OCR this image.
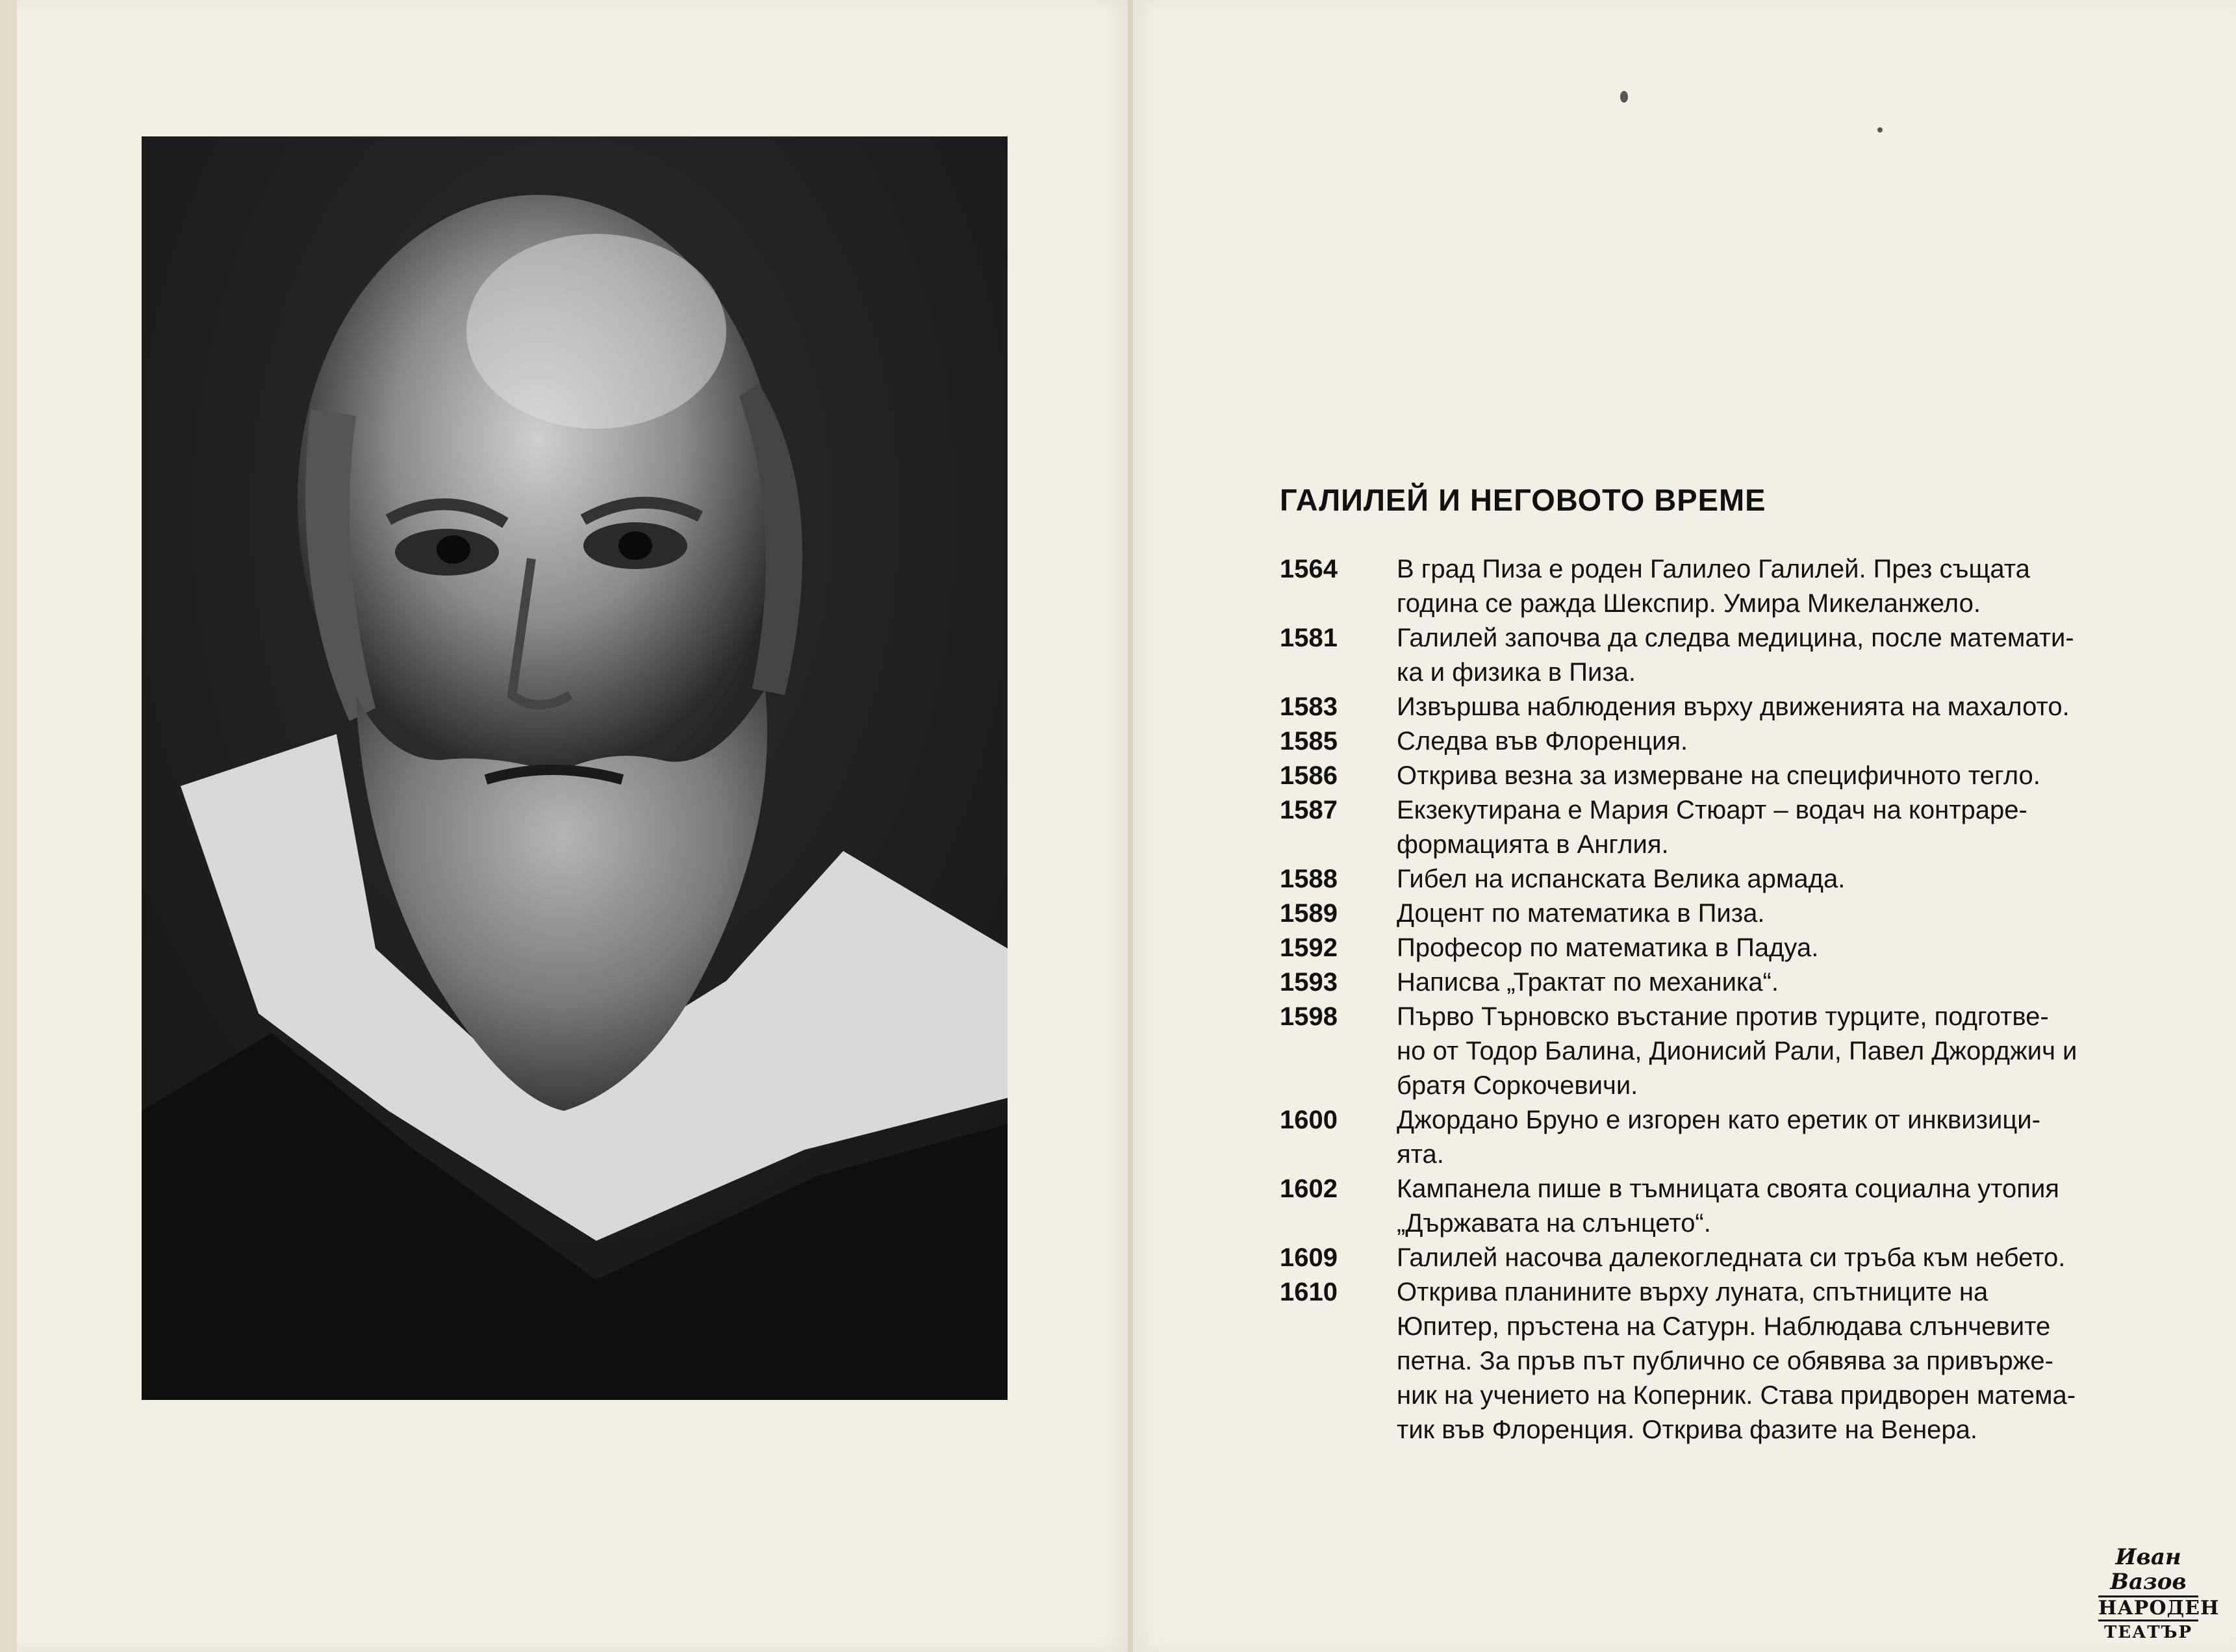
ГАЛИЛЕЙ И НЕГОВОТО ВРЕМЕ
1564	В град Пиза е роден Галилео Галилей. През същата
година се ражда Шекспир. Умира Микеланжело.
1581	Галилей започва да следва медицина, после математи-
ка и физика в Пиза.
1583	Извършва наблюдения върху движенията на махалото.
1585	Следва във Флоренция.
1586	Открива везна за измерване на специфичното тегло.
1587	Екзекутирана е Мария Стюарт – водач на контраре-
формацията в Англия.
1588	Гибел на испанската Велика армада.
1589	Доцент по математика в Пиза.
1592	Професор по математика в Падуа.
1593	Написва „Трактат по механика“.
1598	Първо Търновско въстание против турците, подготве-
но от Тодор Балина, Дионисий Рали, Павел Джорджич и
братя Соркочевичи.
1600	Джордано Бруно е изгорен като еретик от инквизици-
ята.
1602	Кампанела пише в тъмницата своята социална утопия
„Държавата на слънцето“.
1609	Галилей насочва далекогледната си тръба към небето.
1610	Открива планините върху луната, спътниците на
Юпитер, пръстена на Сатурн. Наблюдава слънчевите
петна. За пръв път публично се обявява за привърже-
ник на учението на Коперник. Става придворен матема-
тик във Флоренция. Открива фазите на Венера.
Иван Вазов
НАРОДЕН
ТЕАТЪР
